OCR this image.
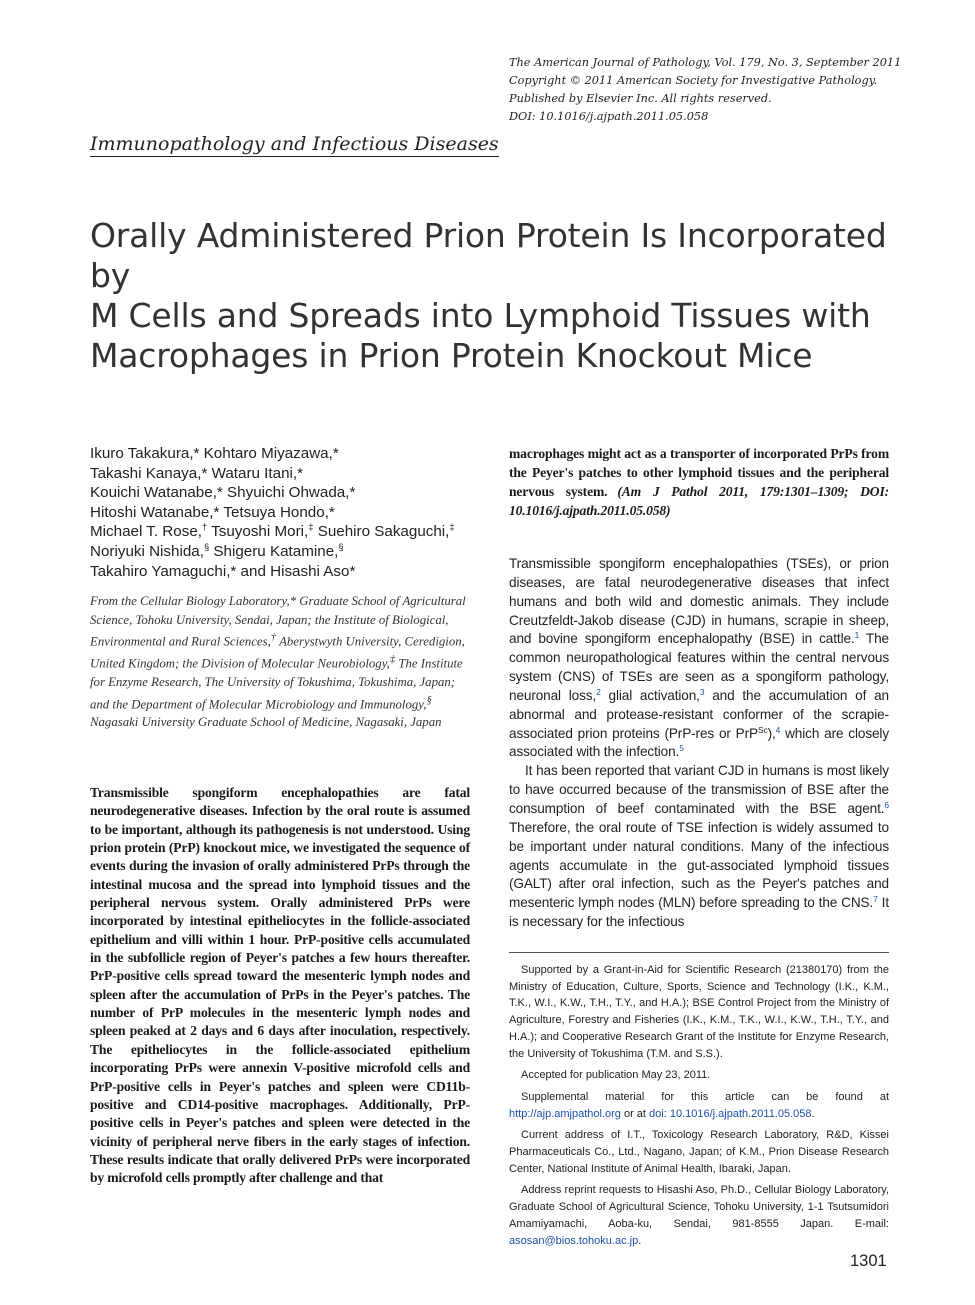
The American Journal of Pathology, Vol. 179, No. 3, September 2011
Copyright © 2011 American Society for Investigative Pathology.
Published by Elsevier Inc. All rights reserved.
DOI: 10.1016/j.ajpath.2011.05.058
Immunopathology and Infectious Diseases
Orally Administered Prion Protein Is Incorporated by
M Cells and Spreads into Lymphoid Tissues with
Macrophages in Prion Protein Knockout Mice
Ikuro Takakura,* Kohtaro Miyazawa,*
Takashi Kanaya,* Wataru Itani,*
Kouichi Watanabe,* Shyuichi Ohwada,*
Hitoshi Watanabe,* Tetsuya Hondo,*
Michael T. Rose,† Tsuyoshi Mori,‡ Suehiro Sakaguchi,‡
Noriyuki Nishida,§ Shigeru Katamine,§
Takahiro Yamaguchi,* and Hisashi Aso*
From the Cellular Biology Laboratory,* Graduate School of Agricultural Science, Tohoku University, Sendai, Japan; the Institute of Biological, Environmental and Rural Sciences,† Aberystwyth University, Ceredigion, United Kingdom; the Division of Molecular Neurobiology,‡ The Institute for Enzyme Research, The University of Tokushima, Tokushima, Japan; and the Department of Molecular Microbiology and Immunology,§ Nagasaki University Graduate School of Medicine, Nagasaki, Japan
Transmissible spongiform encephalopathies are fatal neurodegenerative diseases. Infection by the oral route is assumed to be important, although its pathogenesis is not understood. Using prion protein (PrP) knockout mice, we investigated the sequence of events during the invasion of orally administered PrPs through the intestinal mucosa and the spread into lymphoid tissues and the peripheral nervous system. Orally administered PrPs were incorporated by intestinal epitheliocytes in the follicle-associated epithelium and villi within 1 hour. PrP-positive cells accumulated in the subfollicle region of Peyer's patches a few hours thereafter. PrP-positive cells spread toward the mesenteric lymph nodes and spleen after the accumulation of PrPs in the Peyer's patches. The number of PrP molecules in the mesenteric lymph nodes and spleen peaked at 2 days and 6 days after inoculation, respectively. The epitheliocytes in the follicle-associated epithelium incorporating PrPs were annexin V-positive microfold cells and PrP-positive cells in Peyer's patches and spleen were CD11b-positive and CD14-positive macrophages. Additionally, PrP-positive cells in Peyer's patches and spleen were detected in the vicinity of peripheral nerve fibers in the early stages of infection. These results indicate that orally delivered PrPs were incorporated by microfold cells promptly after challenge and that
macrophages might act as a transporter of incorporated PrPs from the Peyer's patches to other lymphoid tissues and the peripheral nervous system. (Am J Pathol 2011, 179:1301–1309; DOI: 10.1016/j.ajpath.2011.05.058)

Transmissible spongiform encephalopathies (TSEs), or prion diseases, are fatal neurodegenerative diseases that infect humans and both wild and domestic animals. They include Creutzfeldt-Jakob disease (CJD) in humans, scrapie in sheep, and bovine spongiform encephalopathy (BSE) in cattle.$^1$ The common neuropathological features within the central nervous system (CNS) of TSEs are seen as a spongiform pathology, neuronal loss,$^2$ glial activation,$^3$ and the accumulation of an abnormal and protease-resistant conformer of the scrapie-associated prion proteins (PrP-res or PrP$^{Sc}$),$^4$ which are closely associated with the infection.$^5$

It has been reported that variant CJD in humans is most likely to have occurred because of the transmission of BSE after the consumption of beef contaminated with the BSE agent.$^6$ Therefore, the oral route of TSE infection is widely assumed to be important under natural conditions. Many of the infectious agents accumulate in the gut-associated lymphoid tissues (GALT) after oral infection, such as the Peyer's patches and mesenteric lymph nodes (MLN) before spreading to the CNS.$^7$ It is necessary for the infectious

Supported by a Grant-in-Aid for Scientific Research (21380170) from the Ministry of Education, Culture, Sports, Science and Technology (I.K., K.M., T.K., W.I., K.W., T.H., T.Y., and H.A.); BSE Control Project from the Ministry of Agriculture, Forestry and Fisheries (I.K., K.M., T.K., W.I., K.W., T.H., T.Y., and H.A.); and Cooperative Research Grant of the Institute for Enzyme Research, the University of Tokushima (T.M. and S.S.).

Accepted for publication May 23, 2011.

Supplemental material for this article can be found at http://ajp.amjpathol.org or at doi: 10.1016/j.ajpath.2011.05.058.

Current address of I.T., Toxicology Research Laboratory, R&D, Kissei Pharmaceuticals Co., Ltd., Nagano, Japan; of K.M., Prion Disease Research Center, National Institute of Animal Health, Ibaraki, Japan.

Address reprint requests to Hisashi Aso, Ph.D., Cellular Biology Laboratory, Graduate School of Agricultural Science, Tohoku University, 1-1 Tsutsumidori Amamiyamachi, Aoba-ku, Sendai, 981-8555 Japan. E-mail: asosan@bios.tohoku.ac.jp.

1301
